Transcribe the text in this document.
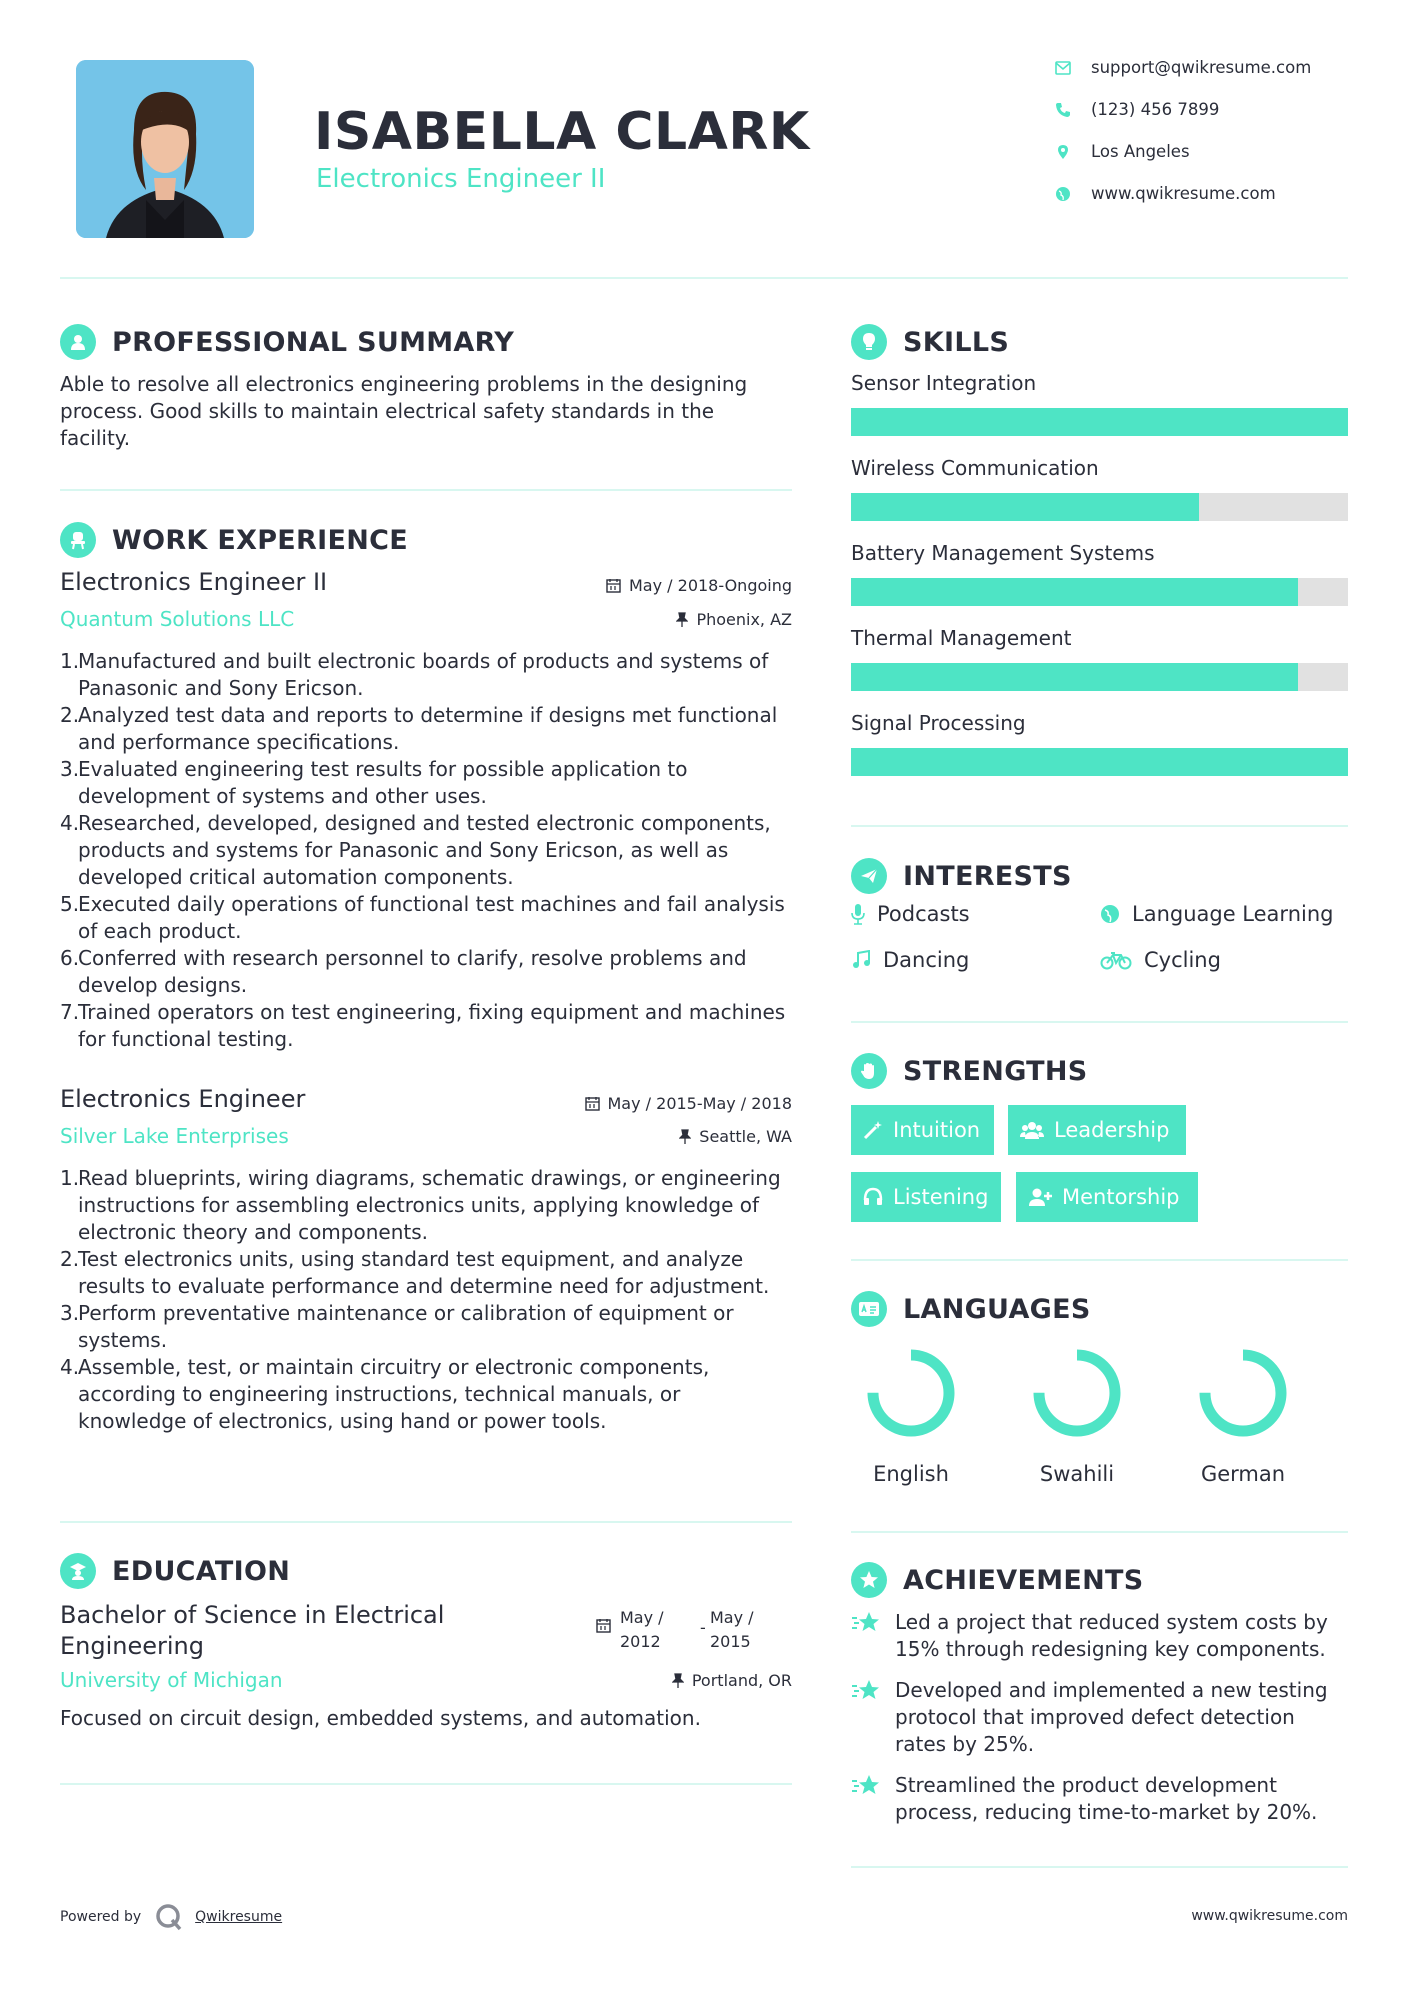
ISABELLA CLARK
Electronics Engineer II
support@qwikresume.com
(123) 456 7899
Los Angeles
www.qwikresume.com
PROFESSIONAL SUMMARY
Able to resolve all electronics engineering problems in the designing process. Good skills to maintain electrical safety standards in the facility.
WORK EXPERIENCE
Electronics Engineer II	May / 2018-Ongoing
Quantum Solutions LLC	Phoenix, AZ
1.
Manufactured and built electronic boards of products and systems of Panasonic and Sony Ericson.
2.
Analyzed test data and reports to determine if designs met functional and performance specifications.
3.
Evaluated engineering test results for possible application to development of systems and other uses.
4.
Researched, developed, designed and tested electronic components, products and systems for Panasonic and Sony Ericson, as well as developed critical automation components.
5.
Executed daily operations of functional test machines and fail analysis of each product.
6.
Conferred with research personnel to clarify, resolve problems and develop designs.
7.
Trained operators on test engineering, fixing equipment and machines for functional testing.
Electronics Engineer	May / 2015-May / 2018
Silver Lake Enterprises	Seattle, WA
1.
Read blueprints, wiring diagrams, schematic drawings, or engineering instructions for assembling electronics units, applying knowledge of electronic theory and components.
2.
Test electronics units, using standard test equipment, and analyze results to evaluate performance and determine need for adjustment.
3.
Perform preventative maintenance or calibration of equipment or systems.
4.
Assemble, test, or maintain circuitry or electronic components, according to engineering instructions, technical manuals, or knowledge of electronics, using hand or power tools.
EDUCATION
Bachelor of Science in Electrical
Engineering
May /
2012
-
May /
2015
University of Michigan	Portland, OR
Focused on circuit design, embedded systems, and automation.
SKILLS
Sensor Integration
Wireless Communication
Battery Management Systems
Thermal Management
Signal Processing
INTERESTS
Podcasts	Language Learning
Dancing	Cycling
STRENGTHS
Intuition	Leadership
Listening	Mentorship
LANGUAGES
English	Swahili	German
ACHIEVEMENTS
Led a project that reduced system costs by 15% through redesigning key components.
Developed and implemented a new testing protocol that improved defect detection rates by 25%.
Streamlined the product development process, reducing time-to-market by 20%.
Powered by	Qwikresume	www.qwikresume.com
